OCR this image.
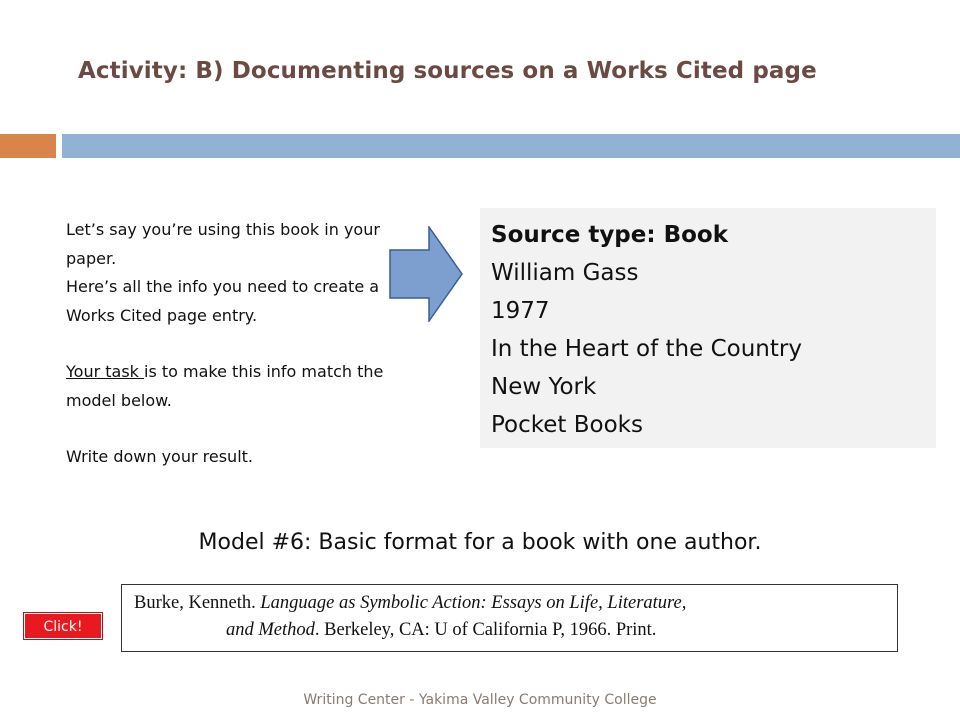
Activity: B) Documenting sources on a Works Cited page

Let’s say you’re using this book in your paper.

Here’s all the info you need to create a Works Cited page entry.

Your task is to make this info match the model below.

Write down your result.

Source type: Book
William Gass
1977
In the Heart of the Country
New York
Pocket Books
Model #6: Basic format for a book with one author.
Click!
Burke, Kenneth. Language as Symbolic Action: Essays on Life, Literature,
and Method. Berkeley, CA: U of California P, 1966. Print.
Writing Center - Yakima Valley Community College
